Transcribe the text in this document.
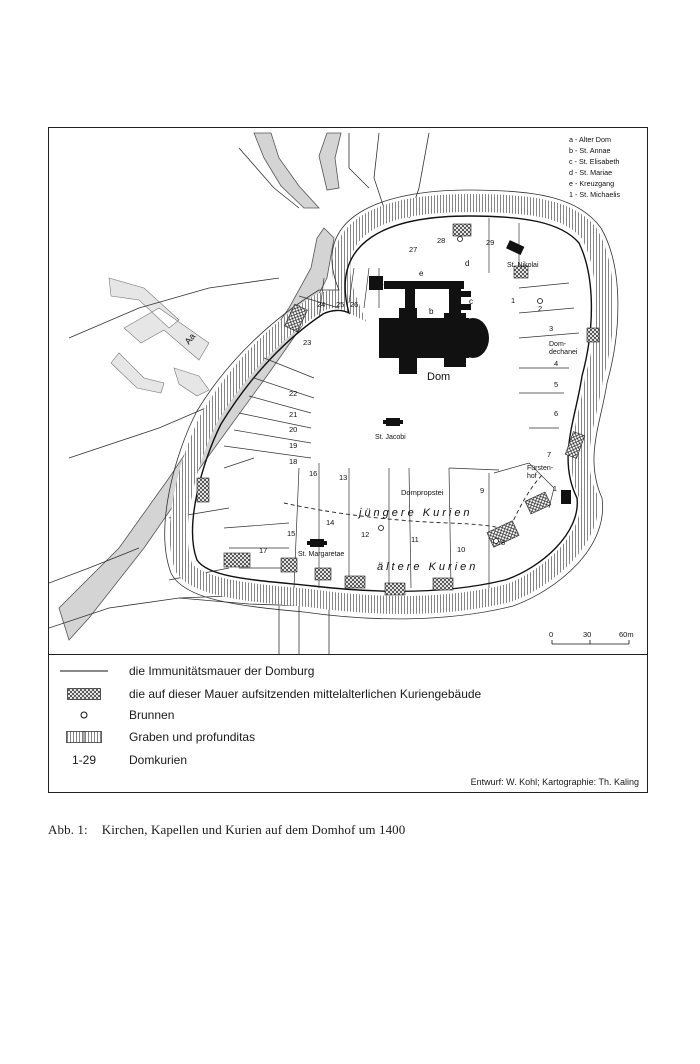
a
b
c
d
e
1
2
3
4
5
6
7
8
9
10
11
12
13
14
15
16
17
18
19
20
21
22
23
24 25 26
27
28	29
1
Dom
St. Jacobi
St. Nikolai
St. Margaretae
Dompropstei
Dom-dechanei
Fürsten-hof
jüngere Kurien
ältere Kurien
Aa
a - Alter Dom
b - St. Annae
c - St. Elisabeth
d - St. Mariae
e - Kreuzgang
1 - St. Michaelis
0	30	60m
die Immunitätsmauer der Domburg
die auf dieser Mauer aufsitzenden mittelalterlichen Kuriengebäude
Brunnen
Graben und profunditas
1-29	Domkurien
Entwurf: W. Kohl; Kartographie: Th. Kaling
Abb. 1: Kirchen, Kapellen und Kurien auf dem Domhof um 1400
